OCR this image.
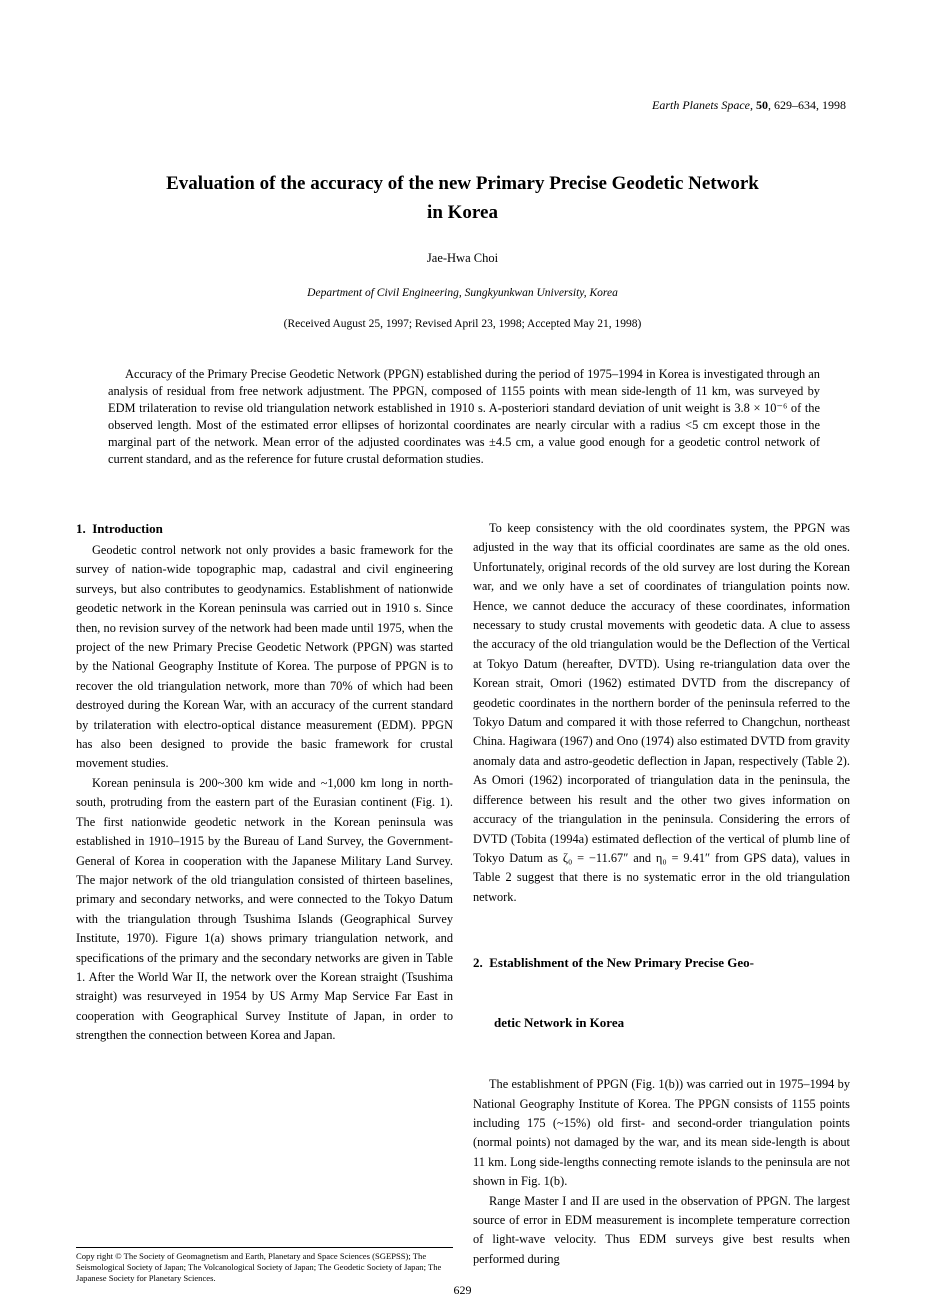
Earth Planets Space, 50, 629–634, 1998
Evaluation of the accuracy of the new Primary Precise Geodetic Network
in Korea
Jae-Hwa Choi
Department of Civil Engineering, Sungkyunkwan University, Korea
(Received August 25, 1997; Revised April 23, 1998; Accepted May 21, 1998)
Accuracy of the Primary Precise Geodetic Network (PPGN) established during the period of 1975–1994 in Korea is investigated through an analysis of residual from free network adjustment. The PPGN, composed of 1155 points with mean side-length of 11 km, was surveyed by EDM trilateration to revise old triangulation network established in 1910 s. A-posteriori standard deviation of unit weight is 3.8 × 10⁻⁶ of the observed length. Most of the estimated error ellipses of horizontal coordinates are nearly circular with a radius <5 cm except those in the marginal part of the network. Mean error of the adjusted coordinates was ±4.5 cm, a value good enough for a geodetic control network of current standard, and as the reference for future crustal deformation studies.
1.  Introduction

Geodetic control network not only provides a basic framework for the survey of nation-wide topographic map, cadastral and civil engineering surveys, but also contributes to geodynamics. Establishment of nationwide geodetic network in the Korean peninsula was carried out in 1910 s. Since then, no revision survey of the network had been made until 1975, when the project of the new Primary Precise Geodetic Network (PPGN) was started by the National Geography Institute of Korea. The purpose of PPGN is to recover the old triangulation network, more than 70% of which had been destroyed during the Korean War, with an accuracy of the current standard by trilateration with electro-optical distance measurement (EDM). PPGN has also been designed to provide the basic framework for crustal movement studies.

Korean peninsula is 200~300 km wide and ~1,000 km long in north-south, protruding from the eastern part of the Eurasian continent (Fig. 1). The first nationwide geodetic network in the Korean peninsula was established in 1910–1915 by the Bureau of Land Survey, the Government-General of Korea in cooperation with the Japanese Military Land Survey. The major network of the old triangulation consisted of thirteen baselines, primary and secondary networks, and were connected to the Tokyo Datum with the triangulation through Tsushima Islands (Geographical Survey Institute, 1970). Figure 1(a) shows primary triangulation network, and specifications of the primary and the secondary networks are given in Table 1. After the World War II, the network over the Korean straight (Tsushima straight) was resurveyed in 1954 by US Army Map Service Far East in cooperation with Geographical Survey Institute of Japan, in order to strengthen the connection between Korea and Japan.

To keep consistency with the old coordinates system, the PPGN was adjusted in the way that its official coordinates are same as the old ones. Unfortunately, original records of the old survey are lost during the Korean war, and we only have a set of coordinates of triangulation points now. Hence, we cannot deduce the accuracy of these coordinates, information necessary to study crustal movements with geodetic data. A clue to assess the accuracy of the old triangulation would be the Deflection of the Vertical at Tokyo Datum (hereafter, DVTD). Using re-triangulation data over the Korean strait, Omori (1962) estimated DVTD from the discrepancy of geodetic coordinates in the northern border of the peninsula referred to the Tokyo Datum and compared it with those referred to Changchun, northeast China. Hagiwara (1967) and Ono (1974) also estimated DVTD from gravity anomaly data and astro-geodetic deflection in Japan, respectively (Table 2). As Omori (1962) incorporated of triangulation data in the peninsula, the difference between his result and the other two gives information on accuracy of the triangulation in the peninsula. Considering the errors of DVTD (Tobita (1994a) estimated deflection of the vertical of plumb line of Tokyo Datum as ζ₀ = −11.67″ and η₀ = 9.41″ from GPS data), values in Table 2 suggest that there is no systematic error in the old triangulation network.

2.  Establishment of the New Primary Precise Geo-

detic Network in Korea

The establishment of PPGN (Fig. 1(b)) was carried out in 1975–1994 by National Geography Institute of Korea. The PPGN consists of 1155 points including 175 (~15%) old first- and second-order triangulation points (normal points) not damaged by the war, and its mean side-length is about 11 km. Long side-lengths connecting remote islands to the peninsula are not shown in Fig. 1(b).

Range Master I and II are used in the observation of PPGN. The largest source of error in EDM measurement is incomplete temperature correction of light-wave velocity. Thus EDM surveys give best results when performed during

Copy right © The Society of Geomagnetism and Earth, Planetary and Space Sciences (SGEPSS); The Seismological Society of Japan; The Volcanological Society of Japan; The Geodetic Society of Japan; The Japanese Society for Planetary Sciences.
629
